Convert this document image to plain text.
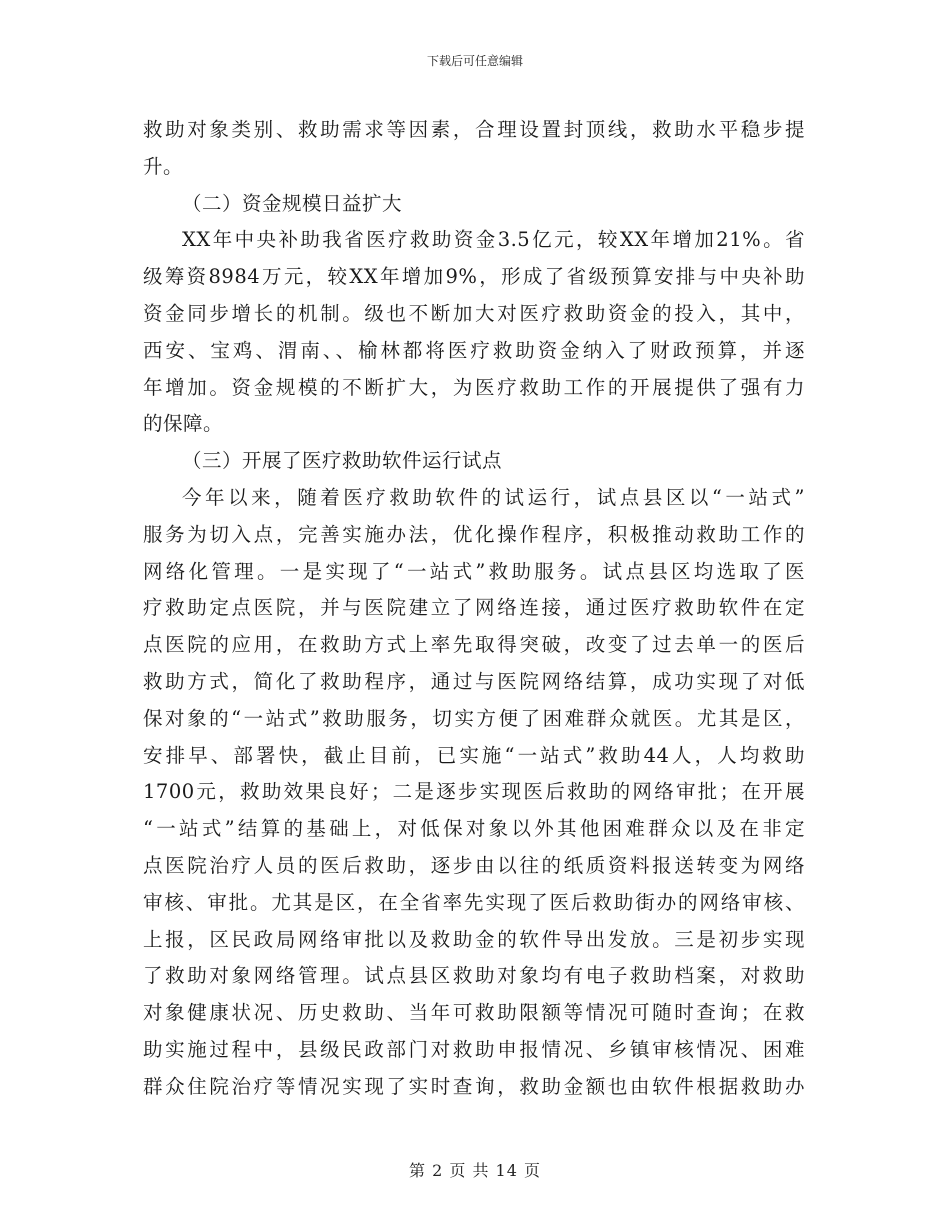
下载后可任意编辑
救助对象类别、救助需求等因素，合理设置封顶线，救助水平稳步提
升。
（二）资金规模日益扩大
XX年中央补助我省医疗救助资金3.5亿元，较XX年增加21%。省
级筹资8984万元，较XX年增加9%，形成了省级预算安排与中央补助
资金同步增长的机制。级也不断加大对医疗救助资金的投入，其中，
西安、宝鸡、渭南、、榆林都将医疗救助资金纳入了财政预算，并逐
年增加。资金规模的不断扩大，为医疗救助工作的开展提供了强有力
的保障。
（三）开展了医疗救助软件运行试点
今年以来，随着医疗救助软件的试运行，试点县区以“一站式”
服务为切入点，完善实施办法，优化操作程序，积极推动救助工作的
网络化管理。一是实现了“一站式”救助服务。试点县区均选取了医
疗救助定点医院，并与医院建立了网络连接，通过医疗救助软件在定
点医院的应用，在救助方式上率先取得突破，改变了过去单一的医后
救助方式，简化了救助程序，通过与医院网络结算，成功实现了对低
保对象的“一站式”救助服务，切实方便了困难群众就医。尤其是区，
安排早、部署快，截止目前，已实施“一站式”救助44人，人均救助
1700元，救助效果良好；二是逐步实现医后救助的网络审批；在开展
“一站式”结算的基础上，对低保对象以外其他困难群众以及在非定
点医院治疗人员的医后救助，逐步由以往的纸质资料报送转变为网络
审核、审批。尤其是区，在全省率先实现了医后救助街办的网络审核、
上报，区民政局网络审批以及救助金的软件导出发放。三是初步实现
了救助对象网络管理。试点县区救助对象均有电子救助档案，对救助
对象健康状况、历史救助、当年可救助限额等情况可随时查询；在救
助实施过程中，县级民政部门对救助申报情况、乡镇审核情况、困难
群众住院治疗等情况实现了实时查询，救助金额也由软件根据救助办
第 2 页 共 14 页
